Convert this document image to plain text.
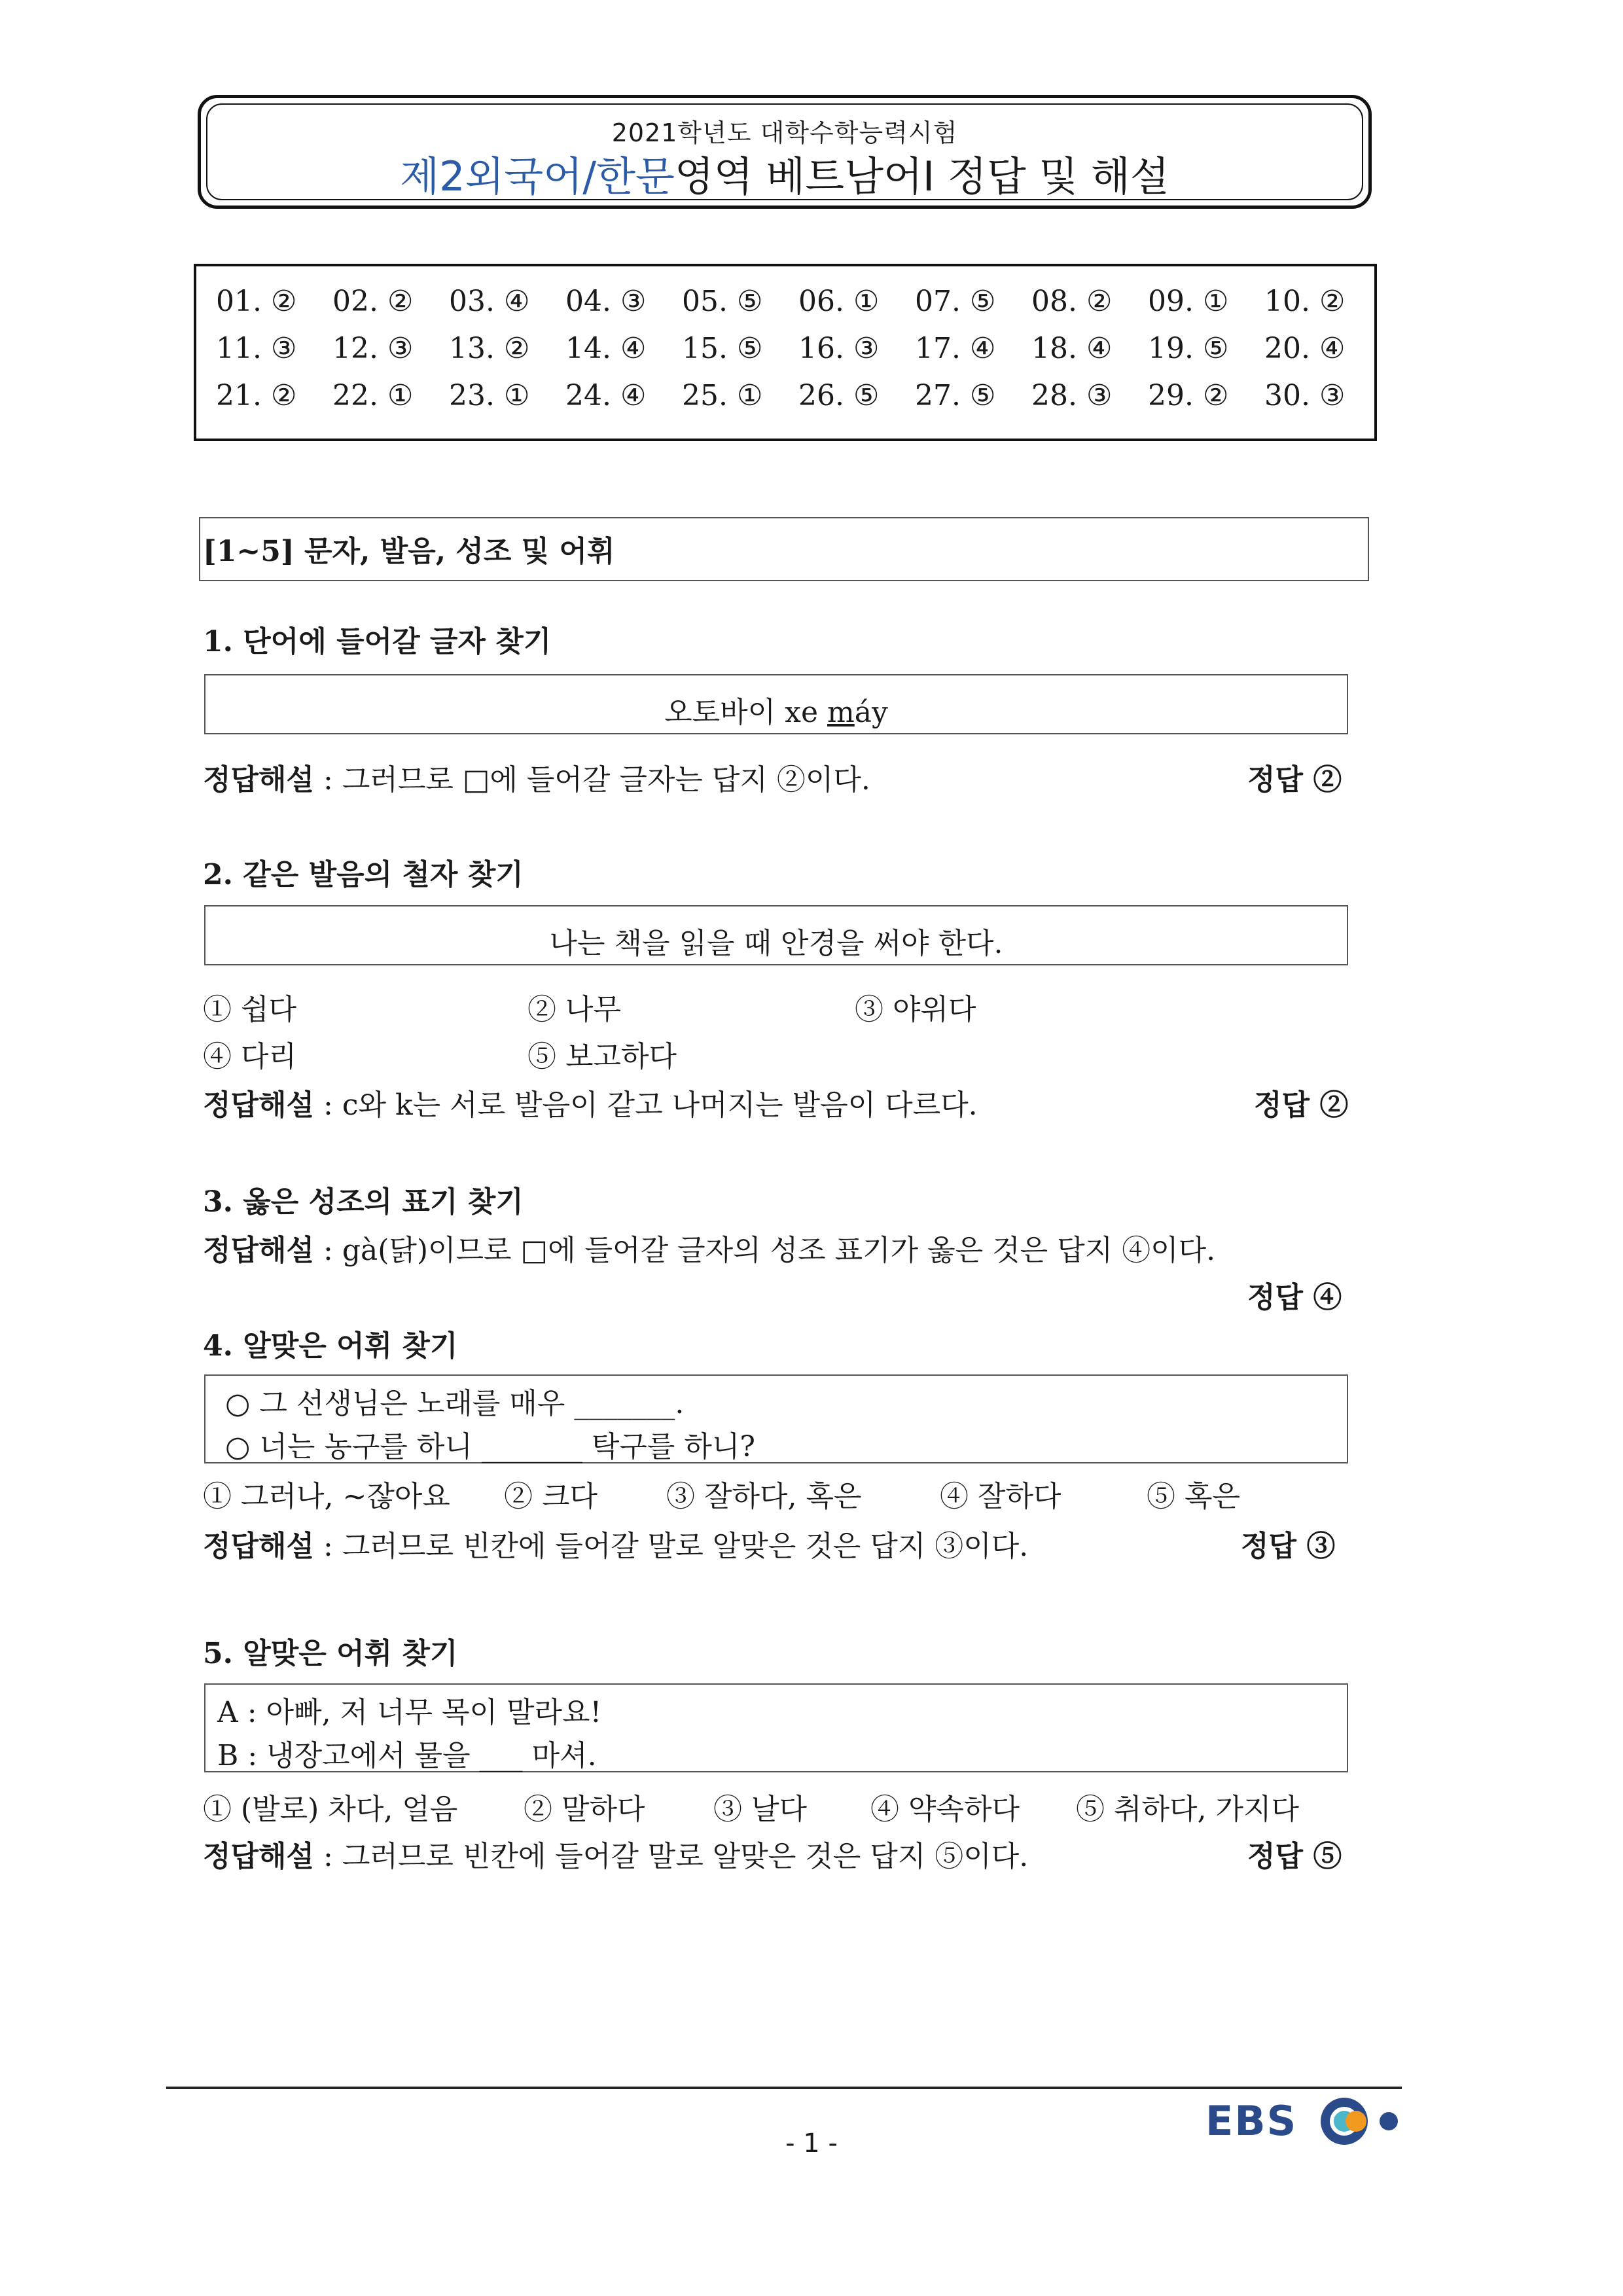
2021학년도 대학수학능력시험
제2외국어/한문영역 베트남어Ⅰ 정답 및 해설
01. ② 02. ② 03. ④ 04. ③ 05. ⑤ 06. ① 07. ⑤ 08. ② 09. ① 10. ②
11. ③ 12. ③ 13. ② 14. ④ 15. ⑤ 16. ③ 17. ④ 18. ④ 19. ⑤ 20. ④
21. ② 22. ① 23. ① 24. ④ 25. ① 26. ⑤ 27. ⑤ 28. ③ 29. ② 30. ③
[1~5] 문자, 발음, 성조 및 어휘
1. 단어에 들어갈 글자 찾기
오토바이 xe máy
정답해설 : 그러므로 □에 들어갈 글자는 답지 ②이다.	정답 ②
2. 같은 발음의 철자 찾기
나는 책을 읽을 때 안경을 써야 한다.
① 쉽다	② 나무	③ 야위다
④ 다리	⑤ 보고하다
정답해설 : c와 k는 서로 발음이 같고 나머지는 발음이 다르다.	정답 ②
3. 옳은 성조의 표기 찾기
정답해설 : gà(닭)이므로 □에 들어갈 글자의 성조 표기가 옳은 것은 답지 ④이다.
정답 ④
4. 알맞은 어휘 찾기
○ 그 선생님은 노래를 매우 _______.
○ 너는 농구를 하니 _______ 탁구를 하니?
① 그러나, ~잖아요 ② 크다 ③ 잘하다, 혹은	④ 잘하다	⑤ 혹은
정답해설 : 그러므로 빈칸에 들어갈 말로 알맞은 것은 답지 ③이다.	정답 ③
5. 알맞은 어휘 찾기
A : 아빠, 저 너무 목이 말라요!
B : 냉장고에서 물을 ___ 마셔.
① (발로) 차다, 얼음 ② 말하다 ③ 날다 ④ 약속하다 ⑤ 취하다, 가지다
정답해설 : 그러므로 빈칸에 들어갈 말로 알맞은 것은 답지 ⑤이다.	정답 ⑤
- 1 -	EBS
